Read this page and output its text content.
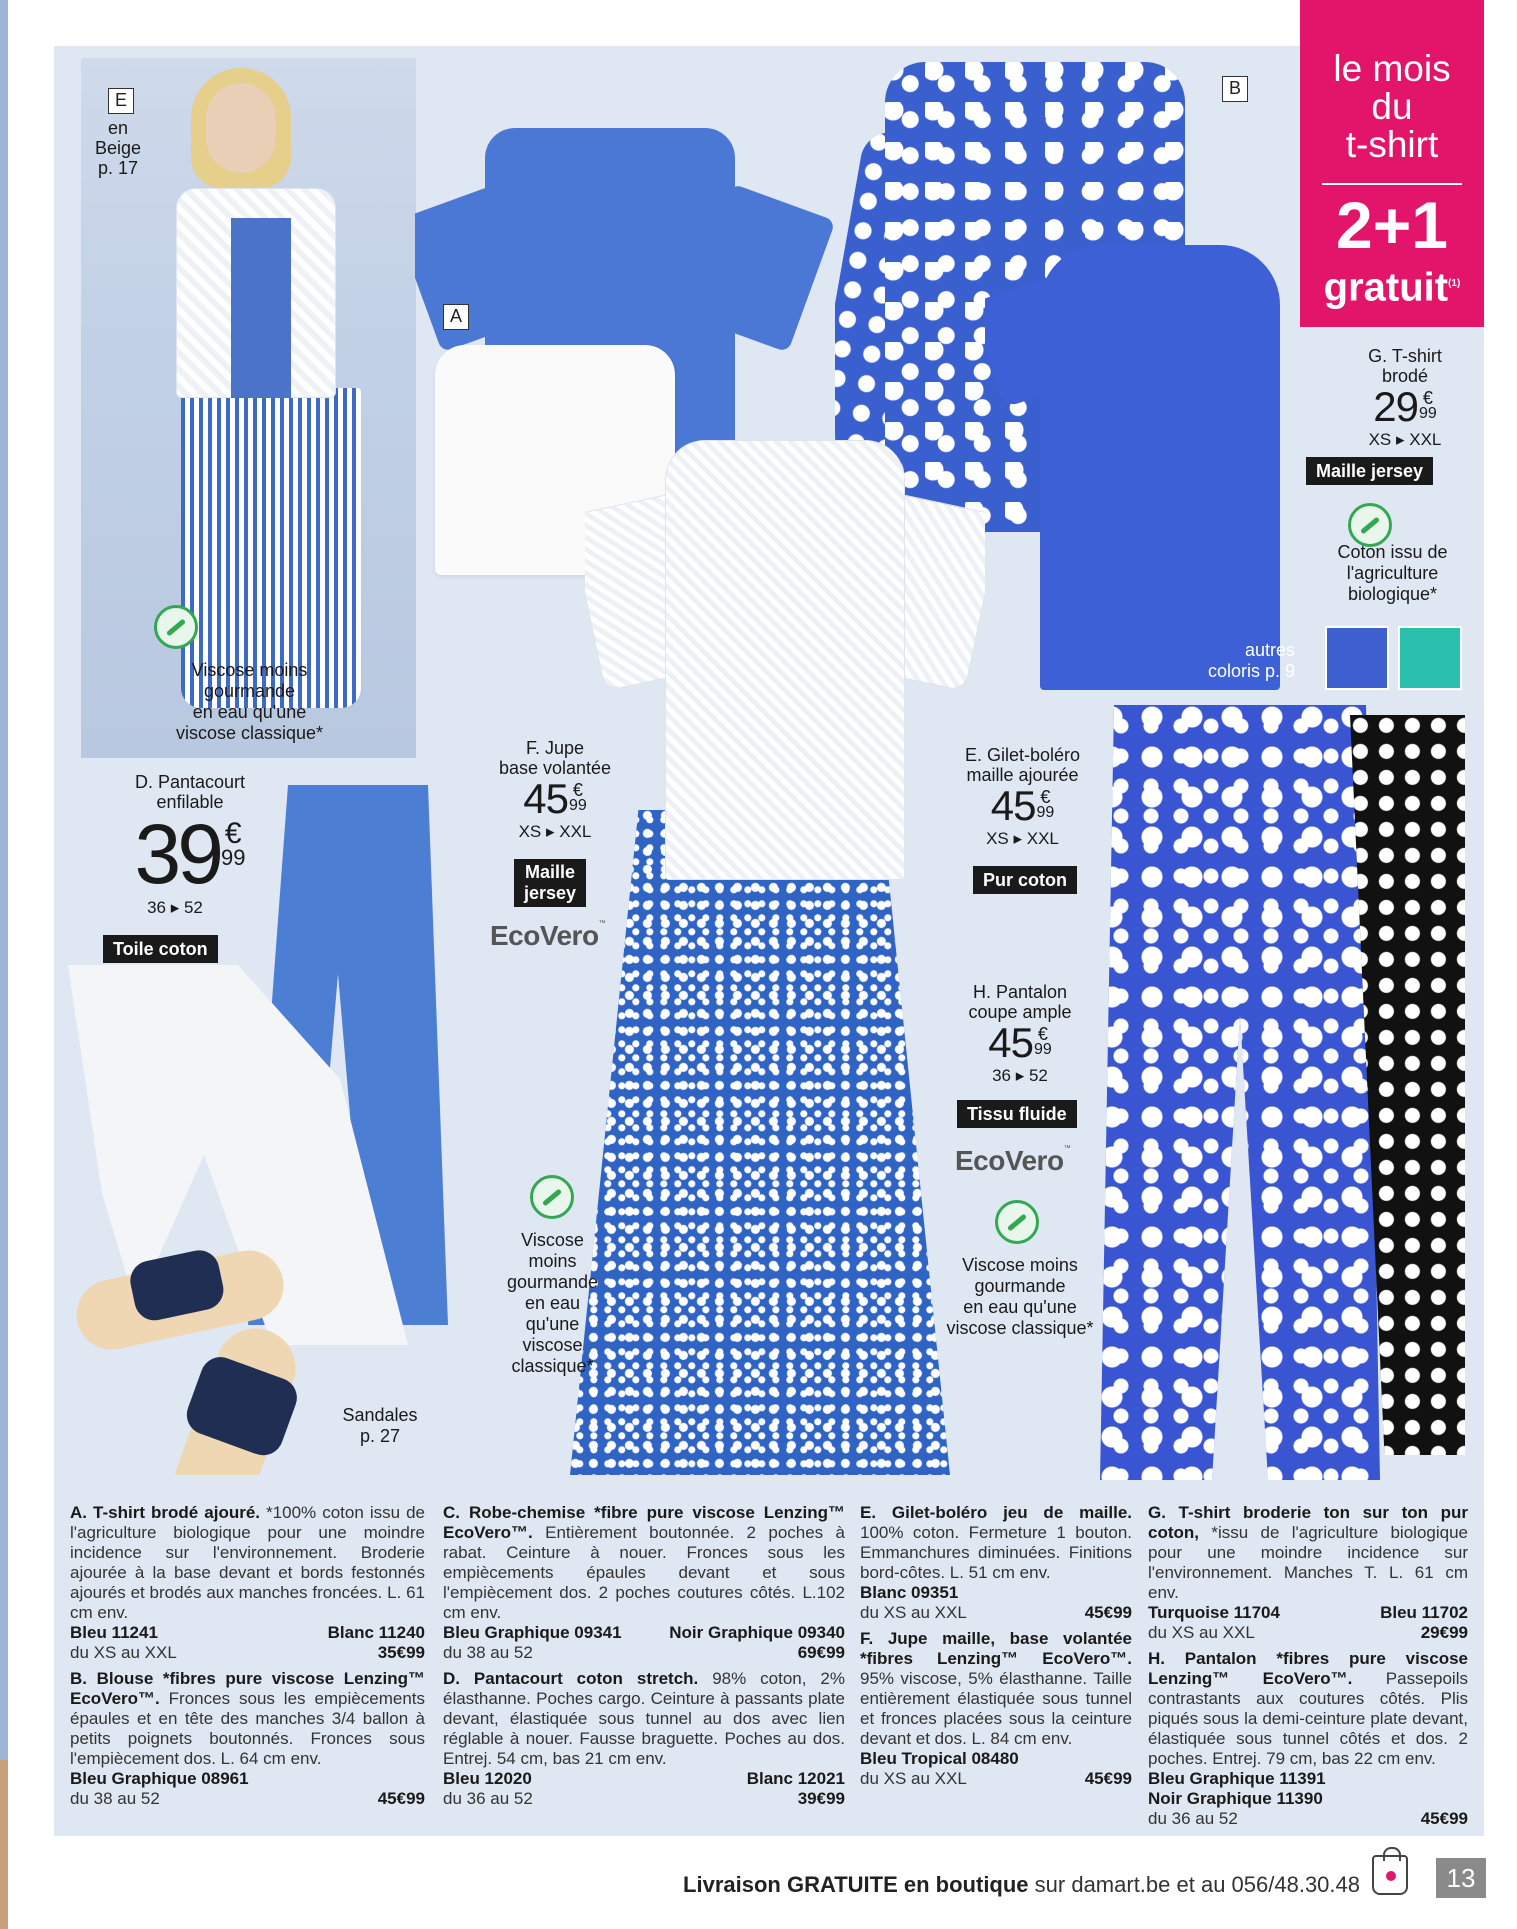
E
A
B
en
Beige
p. 17
Viscose moins
gourmande
en eau qu'une
viscose classique*
le mois
du
t-shirt
2+1
gratuit$^{(1)}$
G. T-shirt
brodé
29 €
99
XS ▸ XXL
Maille jersey
Coton issu de
l'agriculture
biologique*
autres
coloris p. 9
F. Jupe
base volantée
45 €
99
XS ▸ XXL
Maille
jersey
EcoVero™
E. Gilet-boléro
maille ajourée
45 €
99
XS ▸ XXL
Pur coton
D. Pantacourt
enfilable
39 €
99
36 ▸ 52
Toile coton
H. Pantalon
coupe ample
45 €
99
36 ▸ 52
Tissu fluide
EcoVero™
Viscose moins
gourmande
en eau qu'une
viscose classique*
Viscose
moins
gourmande
en eau
qu'une
viscose
classique*
Sandales
p. 27

A. T-shirt brodé ajouré. *100% coton issu de l'agriculture biologique pour une moindre incidence sur l'environnement. Broderie ajourée à la base devant et bords festonnés ajourés et brodés aux manches froncées. L. 61 cm env.

Bleu 11241	Blanc 11240
du XS au XXL	35€99

B. Blouse *fibres pure viscose Lenzing™ EcoVero™. Fronces sous les empiècements épaules et en tête des manches 3/4 ballon à petits poignets boutonnés. Fronces sous l'empiècement dos. L. 64 cm env.

Bleu Graphique 08961
du 38 au 52	45€99

C. Robe-chemise *fibre pure viscose Lenzing™ EcoVero™. Entièrement boutonnée. 2 poches à rabat. Ceinture à nouer. Fronces sous les empiècements épaules devant et sous l'empiècement dos. 2 poches coutures côtés. L.102 cm env.

Bleu Graphique 09341	Noir Graphique 09340
du 38 au 52	69€99

D. Pantacourt coton stretch. 98% coton, 2% élasthanne. Poches cargo. Ceinture à passants plate devant, élastiquée sous tunnel au dos avec lien réglable à nouer. Fausse braguette. Poches au dos. Entrej. 54 cm, bas 21 cm env.

Bleu 12020	Blanc 12021
du 36 au 52	39€99

E. Gilet-boléro jeu de maille. 100% coton. Fermeture 1 bouton. Emmanchures diminuées. Finitions bord-côtes. L. 51 cm env.

Blanc 09351
du XS au XXL	45€99

F. Jupe maille, base volantée *fibres Lenzing™ EcoVero™. 95% viscose, 5% élasthanne. Taille entièrement élastiquée sous tunnel et fronces placées sous la ceinture devant et dos. L. 84 cm env.

Bleu Tropical 08480
du XS au XXL	45€99

G. T-shirt broderie ton sur ton pur coton, *issu de l'agriculture biologique pour une moindre incidence sur l'environnement. Manches T. L. 61 cm env.

Turquoise 11704	Bleu 11702
du XS au XXL	29€99

H. Pantalon *fibres pure viscose Lenzing™ EcoVero™. Passepoils contrastants aux coutures côtés. Plis piqués sous la demi-ceinture plate devant, élastiquée sous tunnel côtés et dos. 2 poches. Entrej. 79 cm, bas 22 cm env.

Bleu Graphique 11391
Noir Graphique 11390
du 36 au 52	45€99
Livraison GRATUITE en boutique sur damart.be et au 056/48.30.48	13
